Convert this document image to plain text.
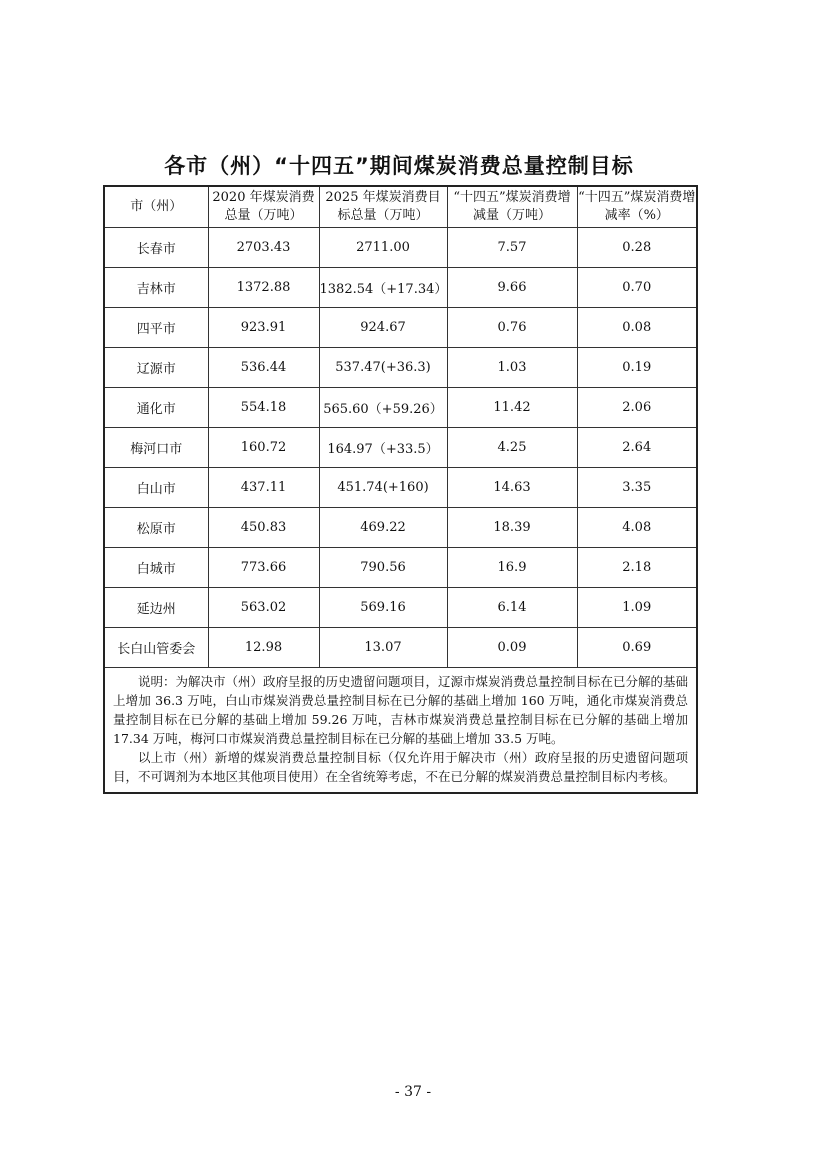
各市（州）“十四五”期间煤炭消费总量控制目标
市（州）	2020 年煤炭消费总量（万吨）	2025 年煤炭消费目标总量（万吨）	“十四五”煤炭消费增减量（万吨）	“十四五”煤炭消费增减率（%）
长春市	2703.43	2711.00	7.57	0.28
吉林市	1372.88	1382.54（+17.34）	9.66	0.70
四平市	923.91	924.67	0.76	0.08
辽源市	536.44	537.47(+36.3)	1.03	0.19
通化市	554.18	565.60（+59.26）	11.42	2.06
梅河口市	160.72	164.97（+33.5）	4.25	2.64
白山市	437.11	451.74(+160)	14.63	3.35
松原市	450.83	469.22	18.39	4.08
白城市	773.66	790.56	16.9	2.18
延边州	563.02	569.16	6.14	1.09
长白山管委会	12.98	13.07	0.09	0.69

说明：为解决市（州）政府呈报的历史遗留问题项目，辽源市煤炭消费总量控制目标在已分解的基础上增加 36.3 万吨，白山市煤炭消费总量控制目标在已分解的基础上增加 160 万吨，通化市煤炭消费总量控制目标在已分解的基础上增加 59.26 万吨，吉林市煤炭消费总量控制目标在已分解的基础上增加 17.34 万吨，梅河口市煤炭消费总量控制目标在已分解的基础上增加 33.5 万吨。

以上市（州）新增的煤炭消费总量控制目标（仅允许用于解决市（州）政府呈报的历史遗留问题项目，不可调剂为本地区其他项目使用）在全省统筹考虑，不在已分解的煤炭消费总量控制目标内考核。				

- 37 -
